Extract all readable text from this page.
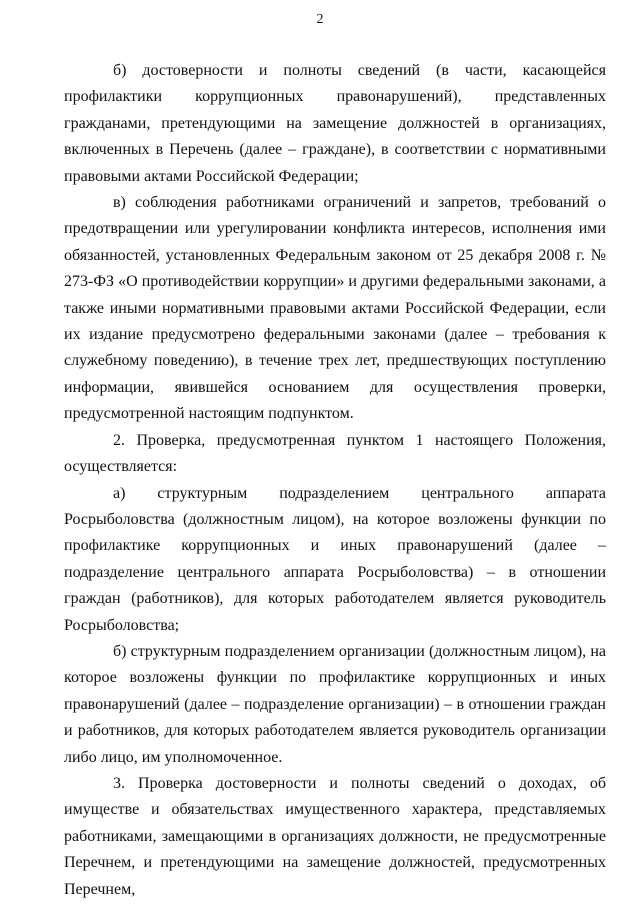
2

б) достоверности и полноты сведений (в части, касающейся профилактики коррупционных правонарушений), представленных гражданами, претендующими на замещение должностей в организациях, включенных в Перечень (далее – граждане), в соответствии с нормативными правовыми актами Российской Федерации;

в) соблюдения работниками ограничений и запретов, требований о предотвращении или урегулировании конфликта интересов, исполнения ими обязанностей, установленных Федеральным законом от 25 декабря 2008 г. № 273-ФЗ «О противодействии коррупции» и другими федеральными законами, а также иными нормативными правовыми актами Российской Федерации, если их издание предусмотрено федеральными законами (далее – требования к служебному поведению), в течение трех лет, предшествующих поступлению информации, явившейся основанием для осуществления проверки, предусмотренной настоящим подпунктом.

2. Проверка, предусмотренная пунктом 1 настоящего Положения, осуществляется:

а) структурным подразделением центрального аппарата Росрыболовства (должностным лицом), на которое возложены функции по профилактике коррупционных и иных правонарушений (далее – подразделение центрального аппарата Росрыболовства) – в отношении граждан (работников), для которых работодателем является руководитель Росрыболовства;

б) структурным подразделением организации (должностным лицом), на которое возложены функции по профилактике коррупционных и иных правонарушений (далее – подразделение организации) – в отношении граждан и работников, для которых работодателем является руководитель организации либо лицо, им уполномоченное.

3. Проверка достоверности и полноты сведений о доходах, об имуществе и обязательствах имущественного характера, представляемых работниками, замещающими в организациях должности, не предусмотренные Перечнем, и претендующими на замещение должностей, предусмотренных Перечнем,
